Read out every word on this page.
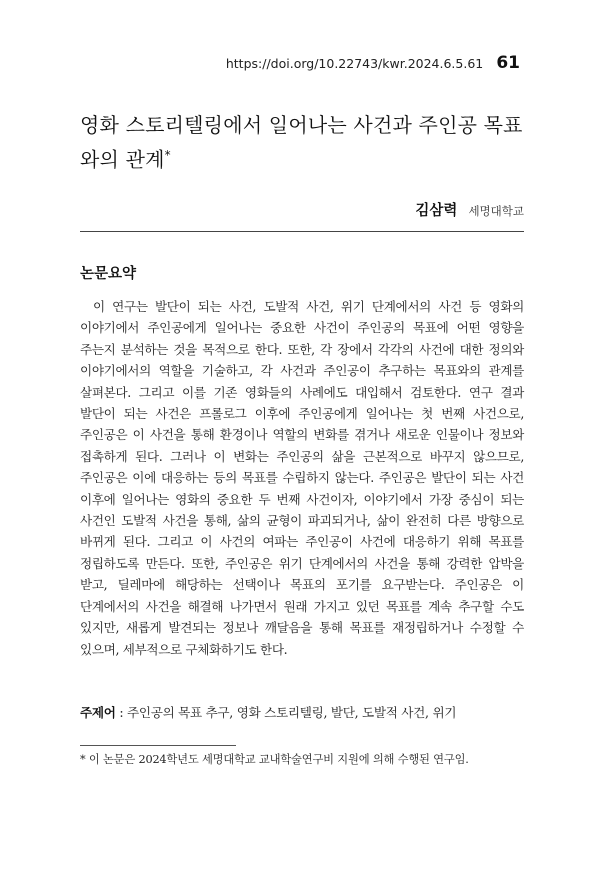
https://doi.org/10.22743/kwr.2024.6.5.61 61
영화 스토리텔링에서 일어나는 사건과 주인공 목표와의 관계*
김삼력 세명대학교
논문요약
이 연구는 발단이 되는 사건, 도발적 사건, 위기 단계에서의 사건 등 영화의 이야기에서 주인공에게 일어나는 중요한 사건이 주인공의 목표에 어떤 영향을 주는지 분석하는 것을 목적으로 한다. 또한, 각 장에서 각각의 사건에 대한 정의와 이야기에서의 역할을 기술하고, 각 사건과 주인공이 추구하는 목표와의 관계를 살펴본다. 그리고 이를 기존 영화들의 사례에도 대입해서 검토한다. 연구 결과 발단이 되는 사건은 프롤로그 이후에 주인공에게 일어나는 첫 번째 사건으로, 주인공은 이 사건을 통해 환경이나 역할의 변화를 겪거나 새로운 인물이나 정보와 접촉하게 된다. 그러나 이 변화는 주인공의 삶을 근본적으로 바꾸지 않으므로, 주인공은 이에 대응하는 등의 목표를 수립하지 않는다. 주인공은 발단이 되는 사건 이후에 일어나는 영화의 중요한 두 번째 사건이자, 이야기에서 가장 중심이 되는 사건인 도발적 사건을 통해, 삶의 균형이 파괴되거나, 삶이 완전히 다른 방향으로 바뀌게 된다. 그리고 이 사건의 여파는 주인공이 사건에 대응하기 위해 목표를 정립하도록 만든다. 또한, 주인공은 위기 단계에서의 사건을 통해 강력한 압박을 받고, 딜레마에 해당하는 선택이나 목표의 포기를 요구받는다. 주인공은 이 단계에서의 사건을 해결해 나가면서 원래 가지고 있던 목표를 계속 추구할 수도 있지만, 새롭게 발견되는 정보나 깨달음을 통해 목표를 재정립하거나 수정할 수 있으며, 세부적으로 구체화하기도 한다.
주제어 : 주인공의 목표 추구, 영화 스토리텔링, 발단, 도발적 사건, 위기
* 이 논문은 2024학년도 세명대학교 교내학술연구비 지원에 의해 수행된 연구임.
